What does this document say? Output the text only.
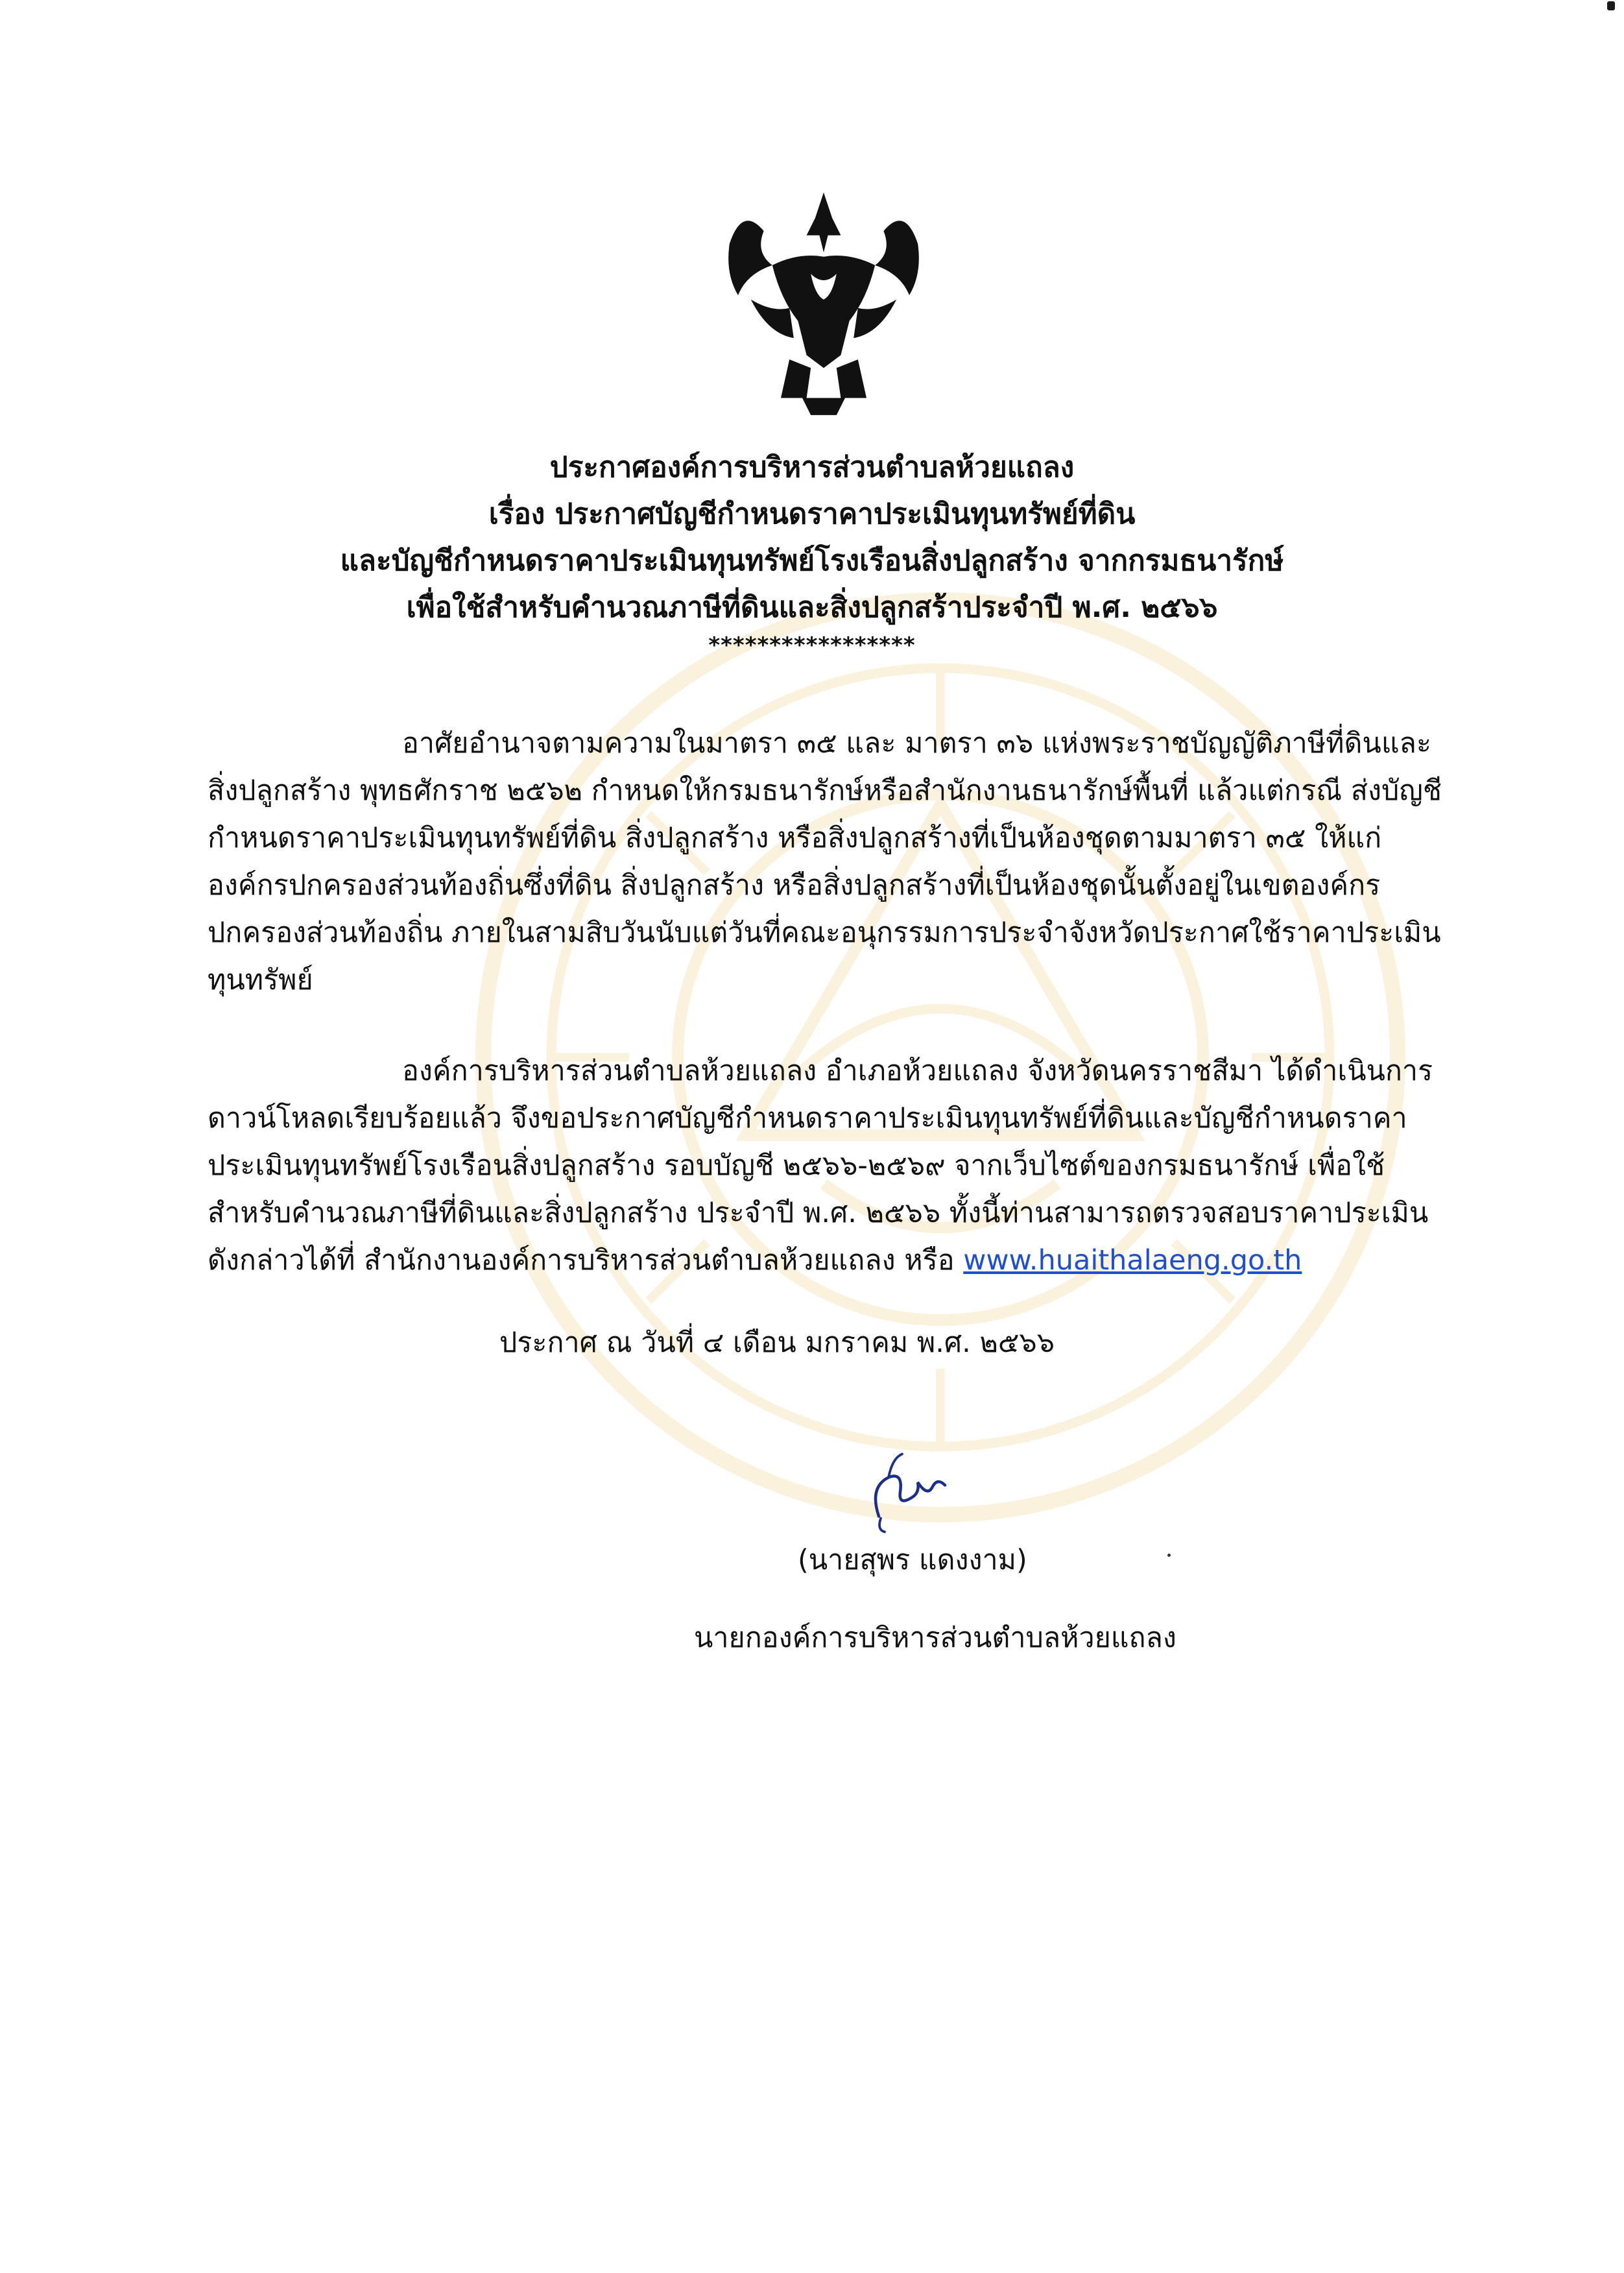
ประกาศองค์การบริหารส่วนตำบลห้วยแถลง
เรื่อง ประกาศบัญชีกำหนดราคาประเมินทุนทรัพย์ที่ดิน
และบัญชีกำหนดราคาประเมินทุนทรัพย์โรงเรือนสิ่งปลูกสร้าง จากกรมธนารักษ์
เพื่อใช้สำหรับคำนวณภาษีที่ดินและสิ่งปลูกสร้าประจำปี พ.ศ. ๒๕๖๖
*****************
อาศัยอำนาจตามความในมาตรา ๓๕ และ มาตรา ๓๖ แห่งพระราชบัญญัติภาษีที่ดินและ
สิ่งปลูกสร้าง พุทธศักราช ๒๕๖๒ กำหนดให้กรมธนารักษ์หรือสำนักงานธนารักษ์พื้นที่ แล้วแต่กรณี ส่งบัญชี
กำหนดราคาประเมินทุนทรัพย์ที่ดิน สิ่งปลูกสร้าง หรือสิ่งปลูกสร้างที่เป็นห้องชุดตามมาตรา ๓๕ ให้แก่
องค์กรปกครองส่วนท้องถิ่นซึ่งที่ดิน สิ่งปลูกสร้าง หรือสิ่งปลูกสร้างที่เป็นห้องชุดนั้นตั้งอยู่ในเขตองค์กร
ปกครองส่วนท้องถิ่น ภายในสามสิบวันนับแต่วันที่คณะอนุกรรมการประจำจังหวัดประกาศใช้ราคาประเมิน
ทุนทรัพย์
องค์การบริหารส่วนตำบลห้วยแถลง อำเภอห้วยแถลง จังหวัดนครราชสีมา ได้ดำเนินการ
ดาวน์โหลดเรียบร้อยแล้ว จึงขอประกาศบัญชีกำหนดราคาประเมินทุนทรัพย์ที่ดินและบัญชีกำหนดราคา
ประเมินทุนทรัพย์โรงเรือนสิ่งปลูกสร้าง รอบบัญชี ๒๕๖๖-๒๕๖๙ จากเว็บไซต์ของกรมธนารักษ์ เพื่อใช้
สำหรับคำนวณภาษีที่ดินและสิ่งปลูกสร้าง ประจำปี พ.ศ. ๒๕๖๖ ทั้งนี้ท่านสามารถตรวจสอบราคาประเมิน
ดังกล่าวได้ที่ สำนักงานองค์การบริหารส่วนตำบลห้วยแถลง หรือ www.huaithalaeng.go.th
ประกาศ ณ วันที่ ๔ เดือน มกราคม พ.ศ. ๒๕๖๖
(นายสุพร แดงงาม)
นายกองค์การบริหารส่วนตำบลห้วยแถลง
